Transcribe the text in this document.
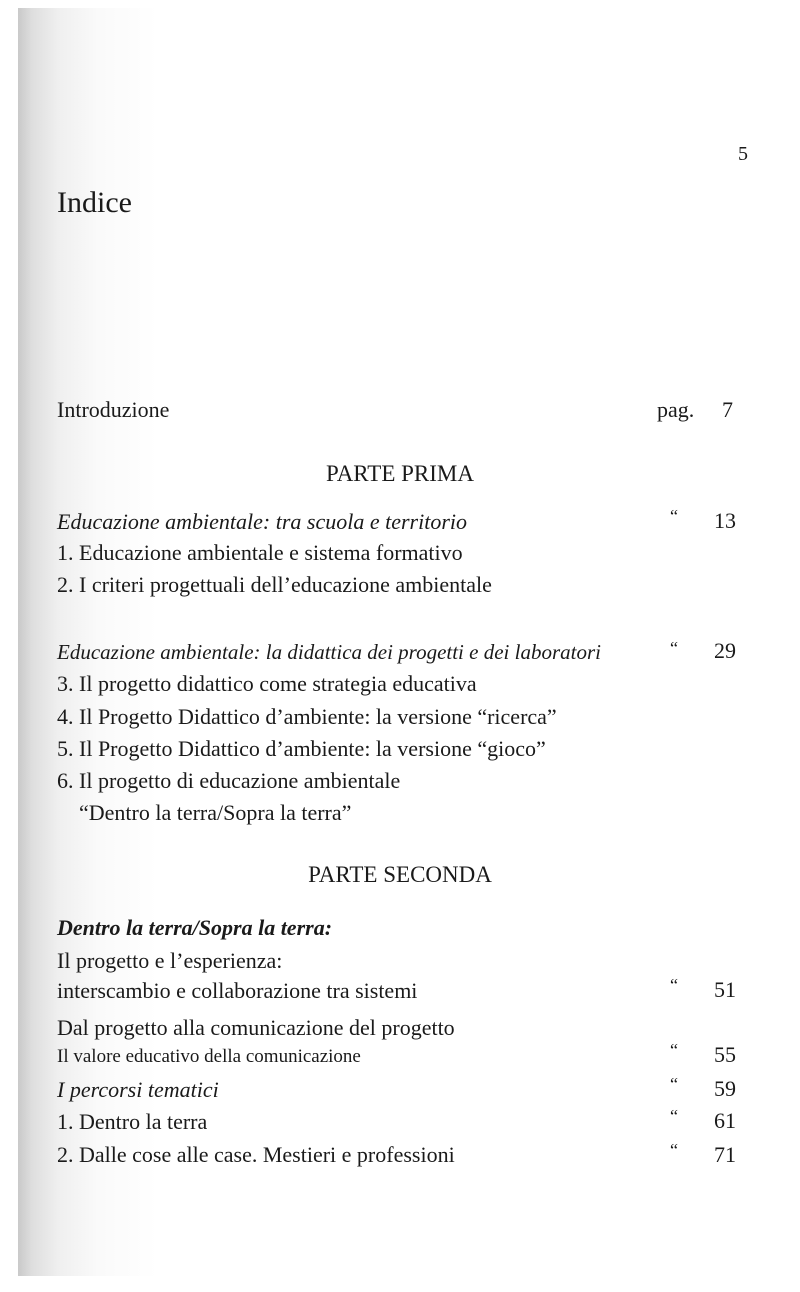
5
Indice
Introduzione	pag. 7
PARTE PRIMA
Educazione ambientale: tra scuola e territorio	“	13
1. Educazione ambientale e sistema formativo
2. I criteri progettuali dell’educazione ambientale
Educazione ambientale: la didattica dei progetti e dei laboratori	“	29
3. Il progetto didattico come strategia educativa
4. Il Progetto Didattico d’ambiente: la versione “ricerca”
5. Il Progetto Didattico d’ambiente: la versione “gioco”
6. Il progetto di educazione ambientale
“Dentro la terra/Sopra la terra”
PARTE SECONDA
Dentro la terra/Sopra la terra:
Il progetto e l’esperienza:
interscambio e collaborazione tra sistemi	“	51
Dal progetto alla comunicazione del progetto
Il valore educativo della comunicazione	“	55
I percorsi tematici	“	59
1. Dentro la terra	“	61
2. Dalle cose alle case. Mestieri e professioni	“	71
